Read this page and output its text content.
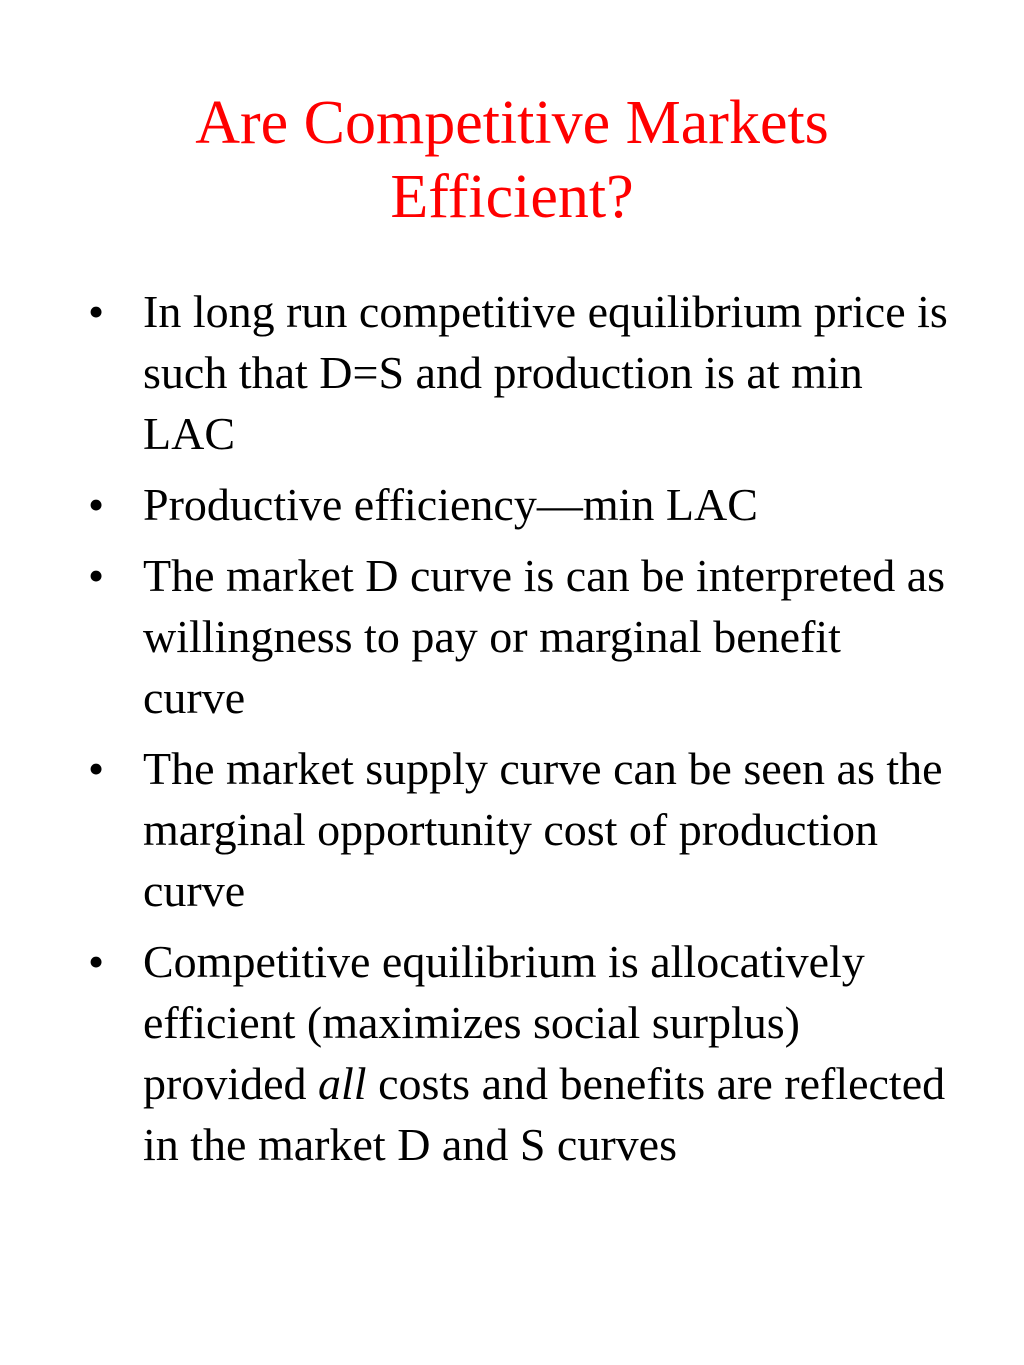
Are Competitive Markets
Efficient?
• In long run competitive equilibrium price is such that D=S and production is at min LAC
• Productive efficiency—min LAC
• The market D curve is can be interpreted as willingness to pay or marginal benefit curve
• The market supply curve can be seen as the marginal opportunity cost of production curve
• Competitive equilibrium is allocatively efficient (maximizes social surplus) provided all costs and benefits are reflected in the market D and S curves
